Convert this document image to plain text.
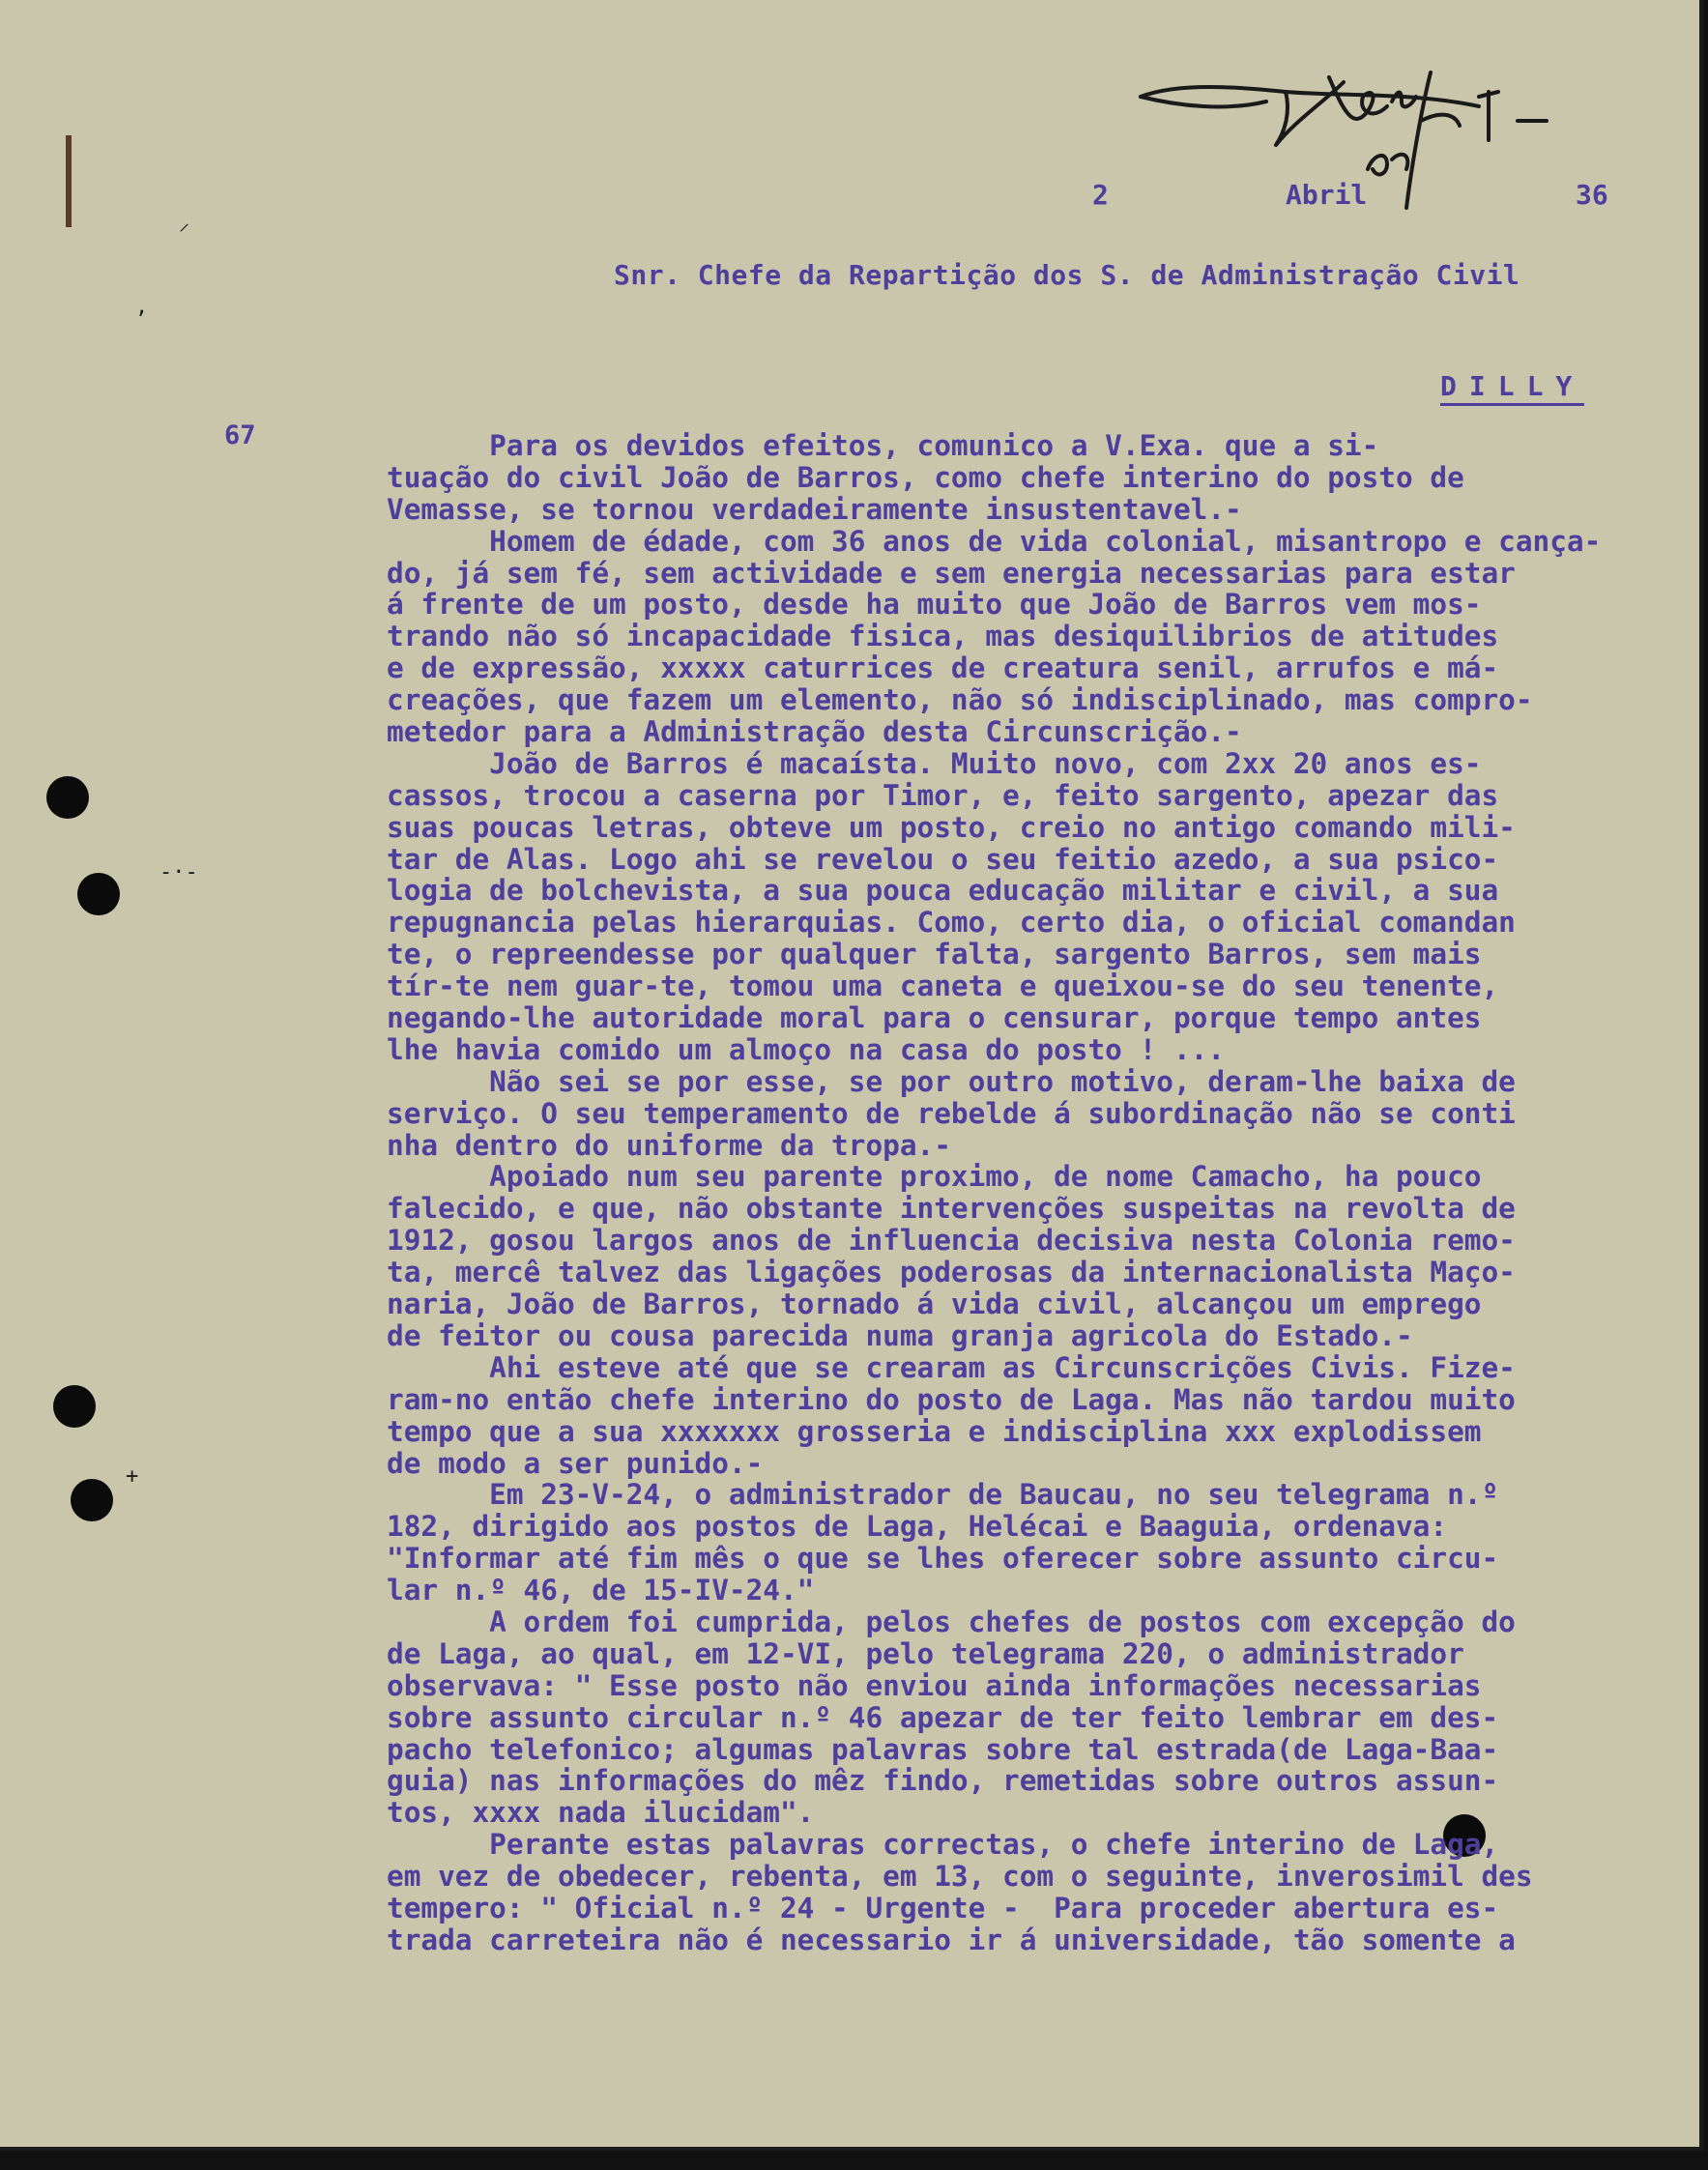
⸝
,
-·-
+
2	Abril	36
Snr. Chefe da Repartição dos S. de Administração Civil
DILLY
67	Para os devidos efeitos, comunico a V.Exa. que a si-
tuação do civil João de Barros, como chefe interino do posto de
Vemasse, se tornou verdadeiramente insustentavel.-
Homem de édade, com 36 anos de vida colonial, misantropo e cança-
do, já sem fé, sem actividade e sem energia necessarias para estar
á frente de um posto, desde ha muito que João de Barros vem mos-
trando não só incapacidade fisica, mas desiquilibrios de atitudes
e de expressão, xxxxx caturrices de creatura senil, arrufos e má-
creações, que fazem um elemento, não só indisciplinado, mas compro-
metedor para a Administração desta Circunscrição.-
João de Barros é macaísta. Muito novo, com 2xx 20 anos es-
cassos, trocou a caserna por Timor, e, feito sargento, apezar das
suas poucas letras, obteve um posto, creio no antigo comando mili-
tar de Alas. Logo ahi se revelou o seu feitio azedo, a sua psico-
logia de bolchevista, a sua pouca educação militar e civil, a sua
repugnancia pelas hierarquias. Como, certo dia, o oficial comandan
te, o repreendesse por qualquer falta, sargento Barros, sem mais
tír-te nem guar-te, tomou uma caneta e queixou-se do seu tenente,
negando-lhe autoridade moral para o censurar, porque tempo antes
lhe havia comido um almoço na casa do posto ! ...
Não sei se por esse, se por outro motivo, deram-lhe baixa de
serviço. O seu temperamento de rebelde á subordinação não se conti
nha dentro do uniforme da tropa.-
Apoiado num seu parente proximo, de nome Camacho, ha pouco
falecido, e que, não obstante intervenções suspeitas na revolta de
1912, gosou largos anos de influencia decisiva nesta Colonia remo-
ta, mercê talvez das ligações poderosas da internacionalista Maço-
naria, João de Barros, tornado á vida civil, alcançou um emprego
de feitor ou cousa parecida numa granja agricola do Estado.-
Ahi esteve até que se crearam as Circunscrições Civis. Fize-
ram-no então chefe interino do posto de Laga. Mas não tardou muito
tempo que a sua xxxxxxx grosseria e indisciplina xxx explodissem
de modo a ser punido.-
Em 23-V-24, o administrador de Baucau, no seu telegrama n.º
182, dirigido aos postos de Laga, Helécai e Baaguia, ordenava:
"Informar até fim mês o que se lhes oferecer sobre assunto circu-
lar n.º 46, de 15-IV-24."
A ordem foi cumprida, pelos chefes de postos com excepção do
de Laga, ao qual, em 12-VI, pelo telegrama 220, o administrador
observava: " Esse posto não enviou ainda informações necessarias
sobre assunto circular n.º 46 apezar de ter feito lembrar em des-
pacho telefonico; algumas palavras sobre tal estrada(de Laga-Baa-
guia) nas informações do mêz findo, remetidas sobre outros assun-
tos, xxxx nada ilucidam".
Perante estas palavras correctas, o chefe interino de Laga,
em vez de obedecer, rebenta, em 13, com o seguinte, inverosimil des
tempero: " Oficial n.º 24 - Urgente -  Para proceder abertura es-
trada carreteira não é necessario ir á universidade, tão somente a
